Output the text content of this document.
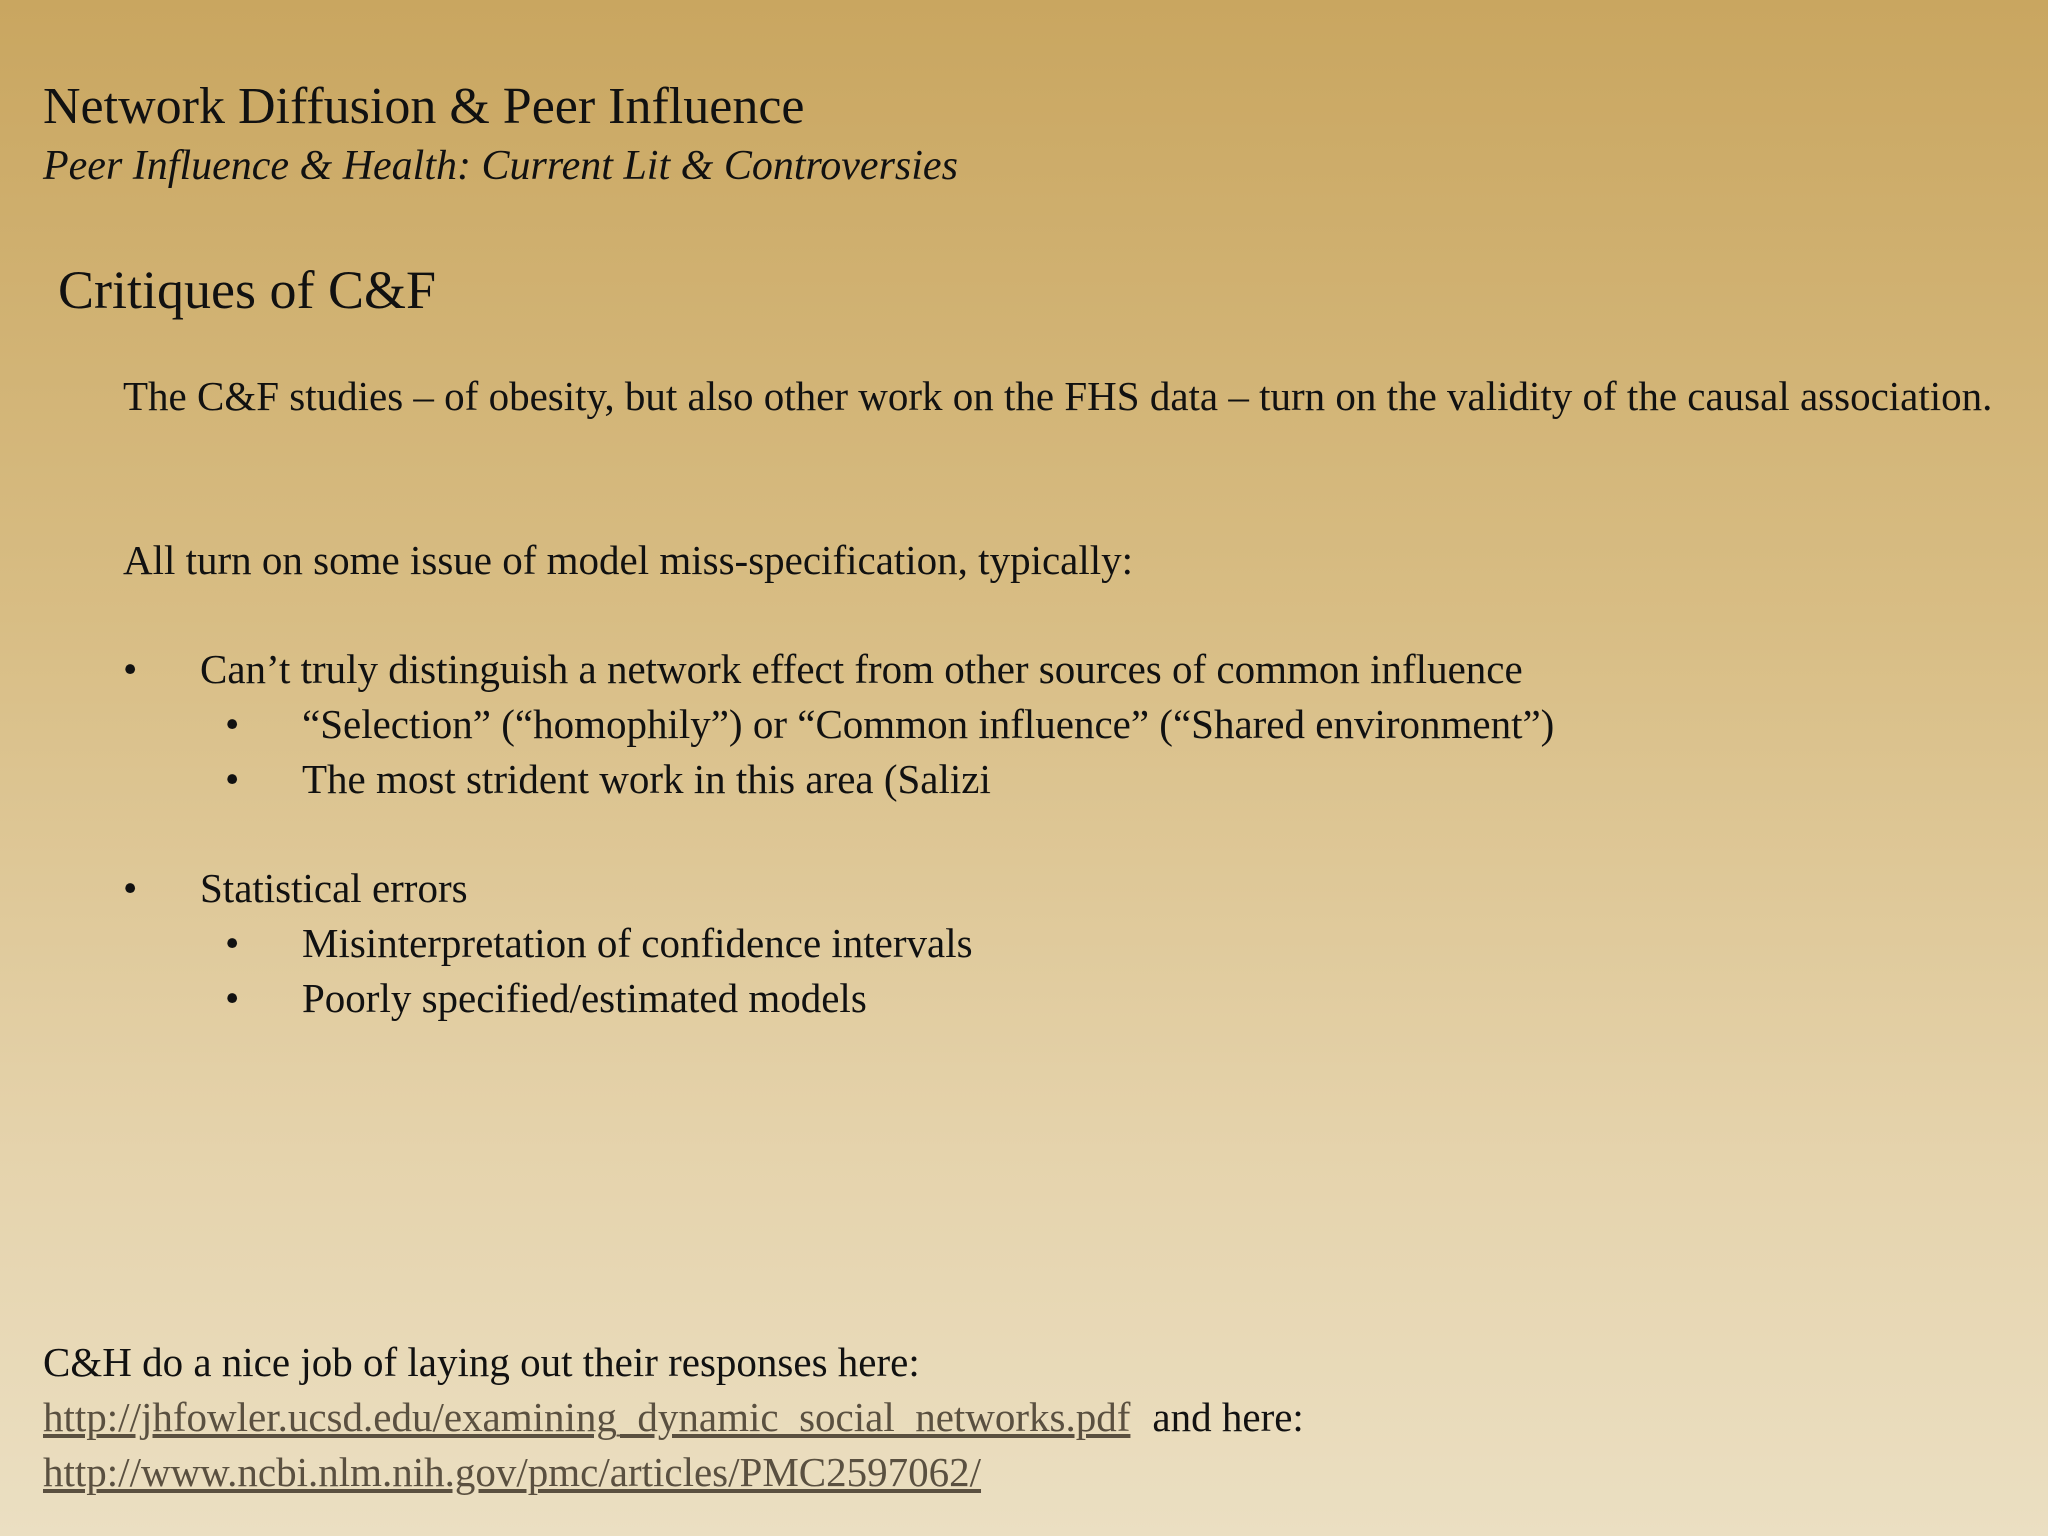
Network Diffusion & Peer Influence
Peer Influence & Health: Current Lit & Controversies
Critiques of C&F
The C&F studies – of obesity, but also other work on the FHS data – turn on the validity of the causal association.
All turn on some issue of model miss-specification, typically:
• Can’t truly distinguish a network effect from other sources of common influence
• “Selection” (“homophily”) or “Common influence” (“Shared environment”)
• The most strident work in this area (Salizi
• Statistical errors
• Misinterpretation of confidence intervals
• Poorly specified/estimated models
C&H do a nice job of laying out their responses here:
http://jhfowler.ucsd.edu/examining_dynamic_social_networks.pdf and here:
http://www.ncbi.nlm.nih.gov/pmc/articles/PMC2597062/
